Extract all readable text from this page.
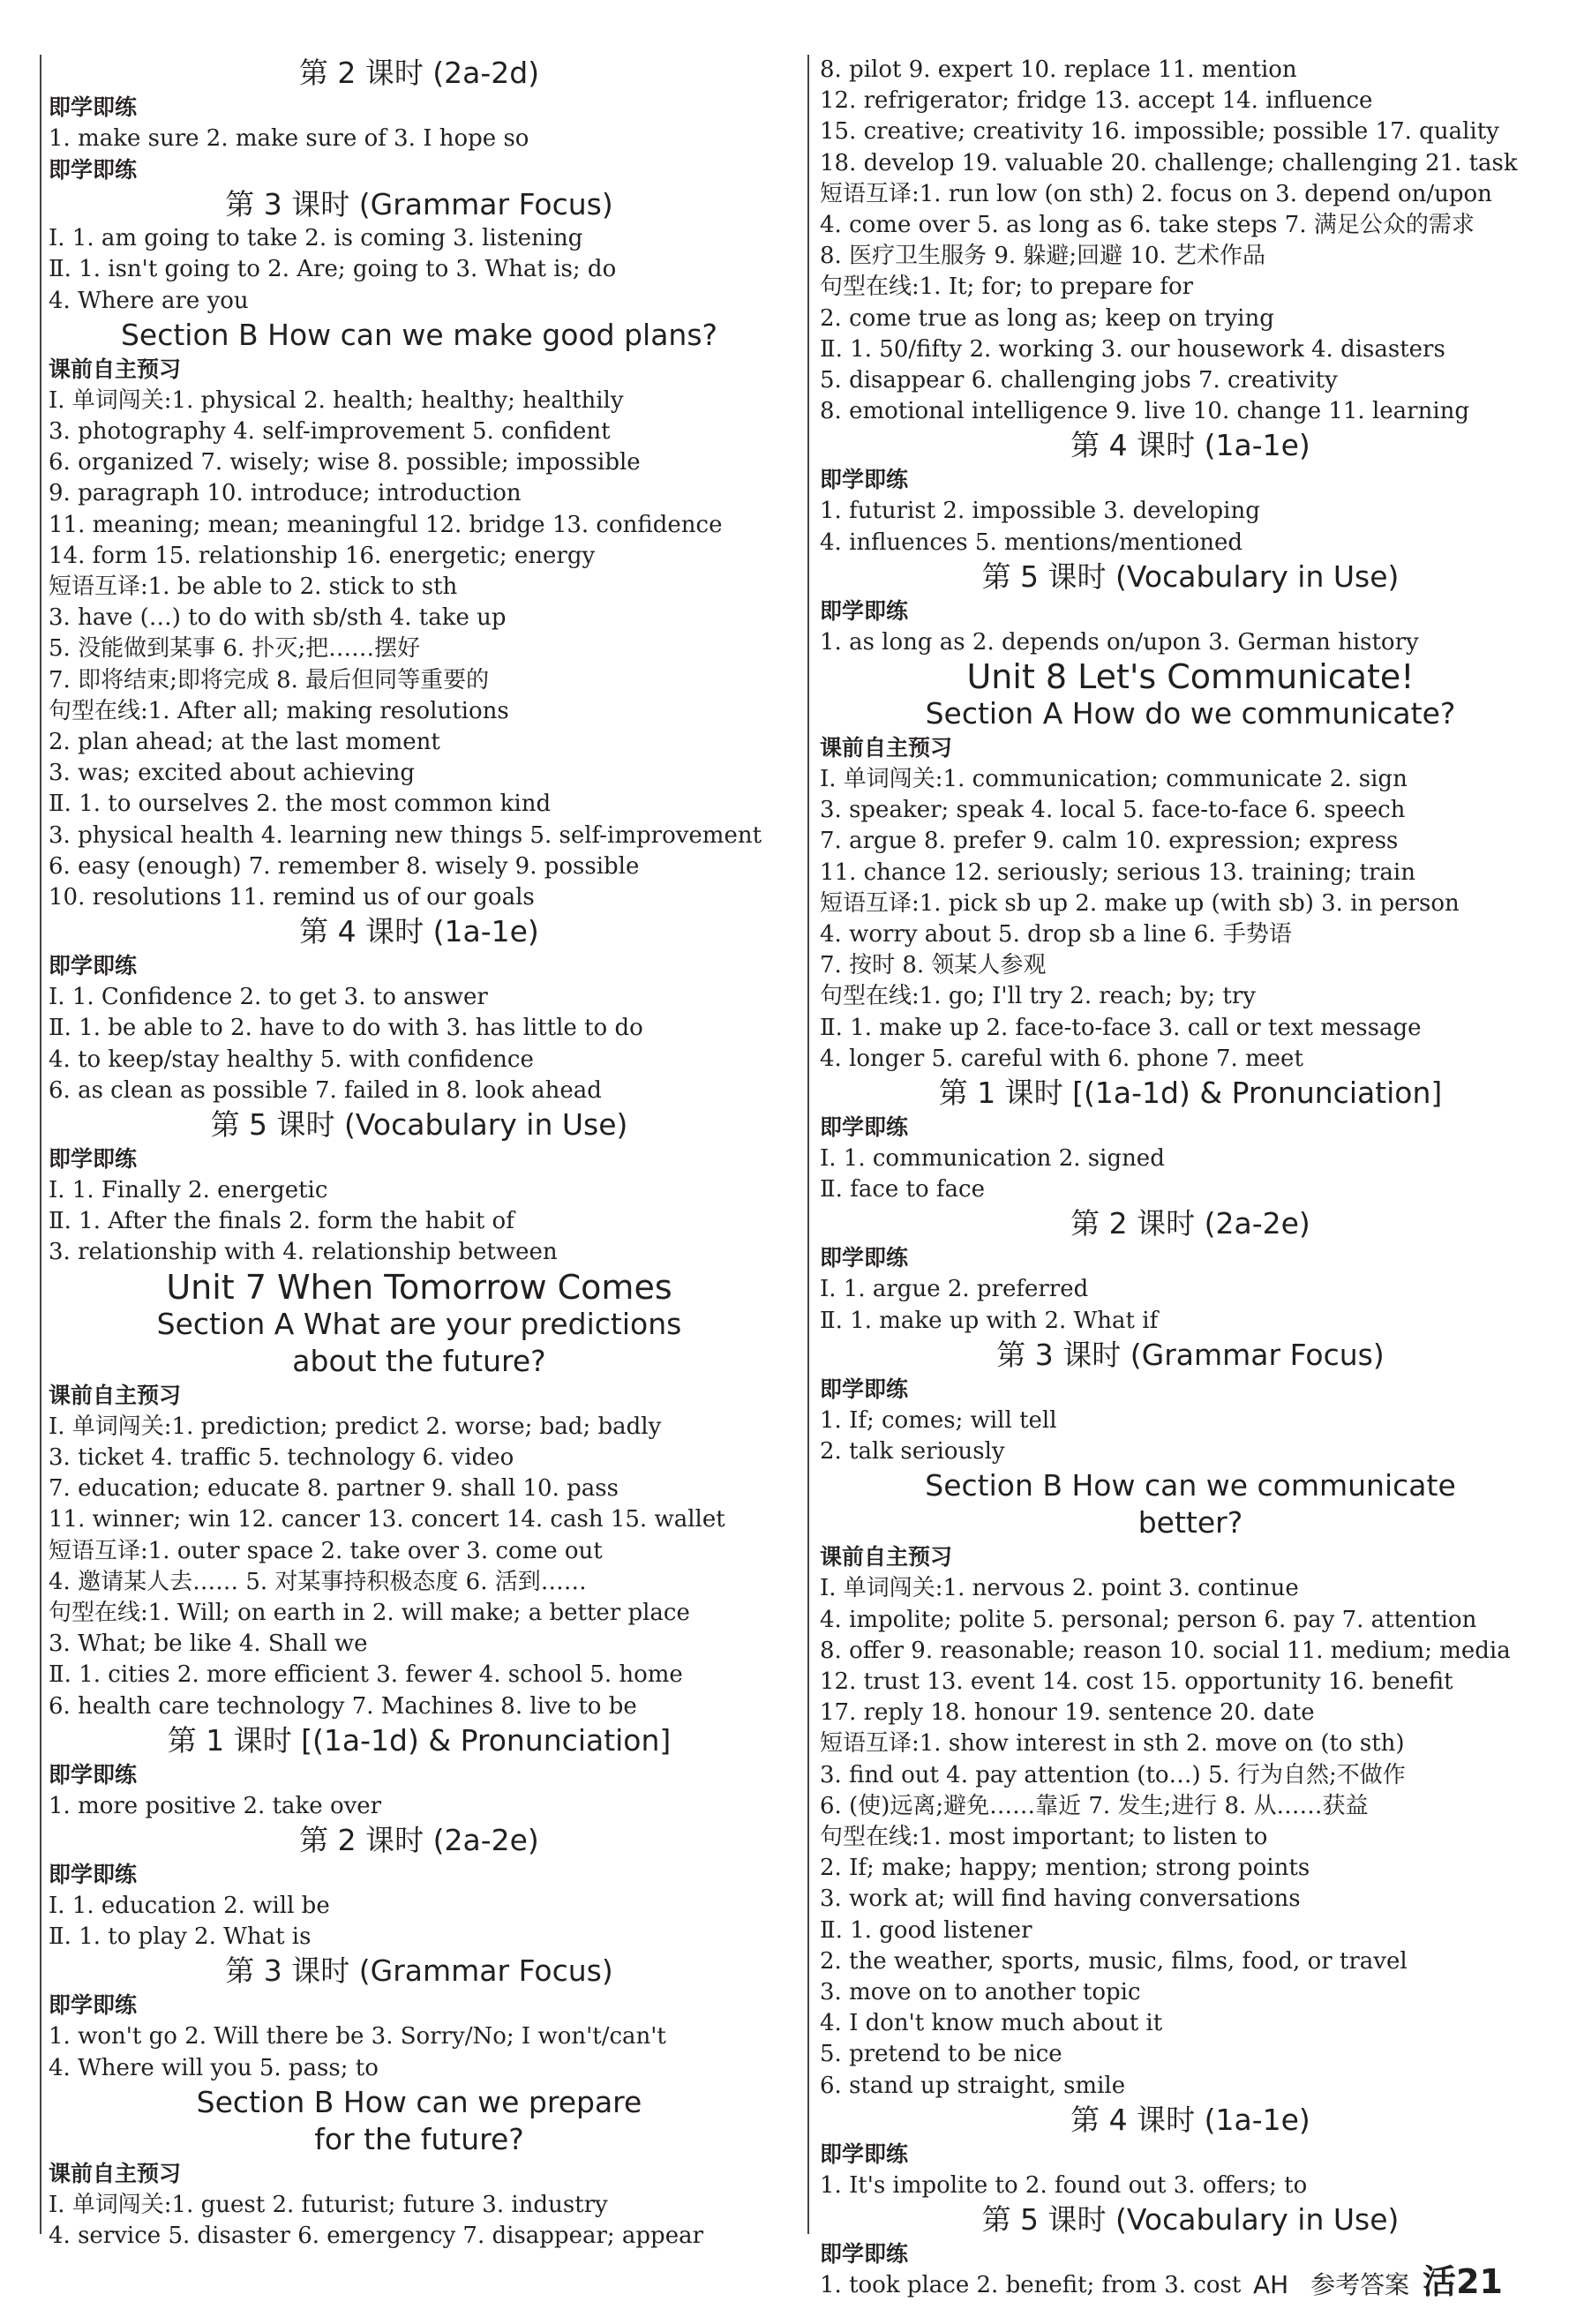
第 2 课时 (2a-2d)
即学即练
1. make sure 2. make sure of 3. I hope so
即学即练
第 3 课时 (Grammar Focus)
Ⅰ. 1. am going to take 2. is coming 3. listening
Ⅱ. 1. isn't going to 2. Are; going to 3. What is; do
4. Where are you
Section B How can we make good plans?
课前自主预习
Ⅰ. 单词闯关:1. physical 2. health; healthy; healthily
3. photography 4. self-improvement 5. confident
6. organized 7. wisely; wise 8. possible; impossible
9. paragraph 10. introduce; introduction
11. meaning; mean; meaningful 12. bridge 13. confidence
14. form 15. relationship 16. energetic; energy
短语互译:1. be able to 2. stick to sth
3. have (…) to do with sb/sth 4. take up
5. 没能做到某事 6. 扑灭;把……摆好
7. 即将结束;即将完成 8. 最后但同等重要的
句型在线:1. After all; making resolutions
2. plan ahead; at the last moment
3. was; excited about achieving
Ⅱ. 1. to ourselves 2. the most common kind
3. physical health 4. learning new things 5. self-improvement
6. easy (enough) 7. remember 8. wisely 9. possible
10. resolutions 11. remind us of our goals
第 4 课时 (1a-1e)
即学即练
Ⅰ. 1. Confidence 2. to get 3. to answer
Ⅱ. 1. be able to 2. have to do with 3. has little to do
4. to keep/stay healthy 5. with confidence
6. as clean as possible 7. failed in 8. look ahead
第 5 课时 (Vocabulary in Use)
即学即练
Ⅰ. 1. Finally 2. energetic
Ⅱ. 1. After the finals 2. form the habit of
3. relationship with 4. relationship between
Unit 7 When Tomorrow Comes
Section A What are your predictions
about the future?
课前自主预习
Ⅰ. 单词闯关:1. prediction; predict 2. worse; bad; badly
3. ticket 4. traffic 5. technology 6. video
7. education; educate 8. partner 9. shall 10. pass
11. winner; win 12. cancer 13. concert 14. cash 15. wallet
短语互译:1. outer space 2. take over 3. come out
4. 邀请某人去…… 5. 对某事持积极态度 6. 活到……
句型在线:1. Will; on earth in 2. will make; a better place
3. What; be like 4. Shall we
Ⅱ. 1. cities 2. more efficient 3. fewer 4. school 5. home
6. health care technology 7. Machines 8. live to be
第 1 课时 [(1a-1d) & Pronunciation]
即学即练
1. more positive 2. take over
第 2 课时 (2a-2e)
即学即练
Ⅰ. 1. education 2. will be
Ⅱ. 1. to play 2. What is
第 3 课时 (Grammar Focus)
即学即练
1. won't go 2. Will there be 3. Sorry/No; I won't/can't
4. Where will you 5. pass; to
Section B How can we prepare
for the future?
课前自主预习
Ⅰ. 单词闯关:1. guest 2. futurist; future 3. industry
4. service 5. disaster 6. emergency 7. disappear; appear
8. pilot 9. expert 10. replace 11. mention
12. refrigerator; fridge 13. accept 14. influence
15. creative; creativity 16. impossible; possible 17. quality
18. develop 19. valuable 20. challenge; challenging 21. task
短语互译:1. run low (on sth) 2. focus on 3. depend on/upon
4. come over 5. as long as 6. take steps 7. 满足公众的需求
8. 医疗卫生服务 9. 躲避;回避 10. 艺术作品
句型在线:1. It; for; to prepare for
2. come true as long as; keep on trying
Ⅱ. 1. 50/fifty 2. working 3. our housework 4. disasters
5. disappear 6. challenging jobs 7. creativity
8. emotional intelligence 9. live 10. change 11. learning
第 4 课时 (1a-1e)
即学即练
1. futurist 2. impossible 3. developing
4. influences 5. mentions/mentioned
第 5 课时 (Vocabulary in Use)
即学即练
1. as long as 2. depends on/upon 3. German history
Unit 8 Let's Communicate!
Section A How do we communicate?
课前自主预习
Ⅰ. 单词闯关:1. communication; communicate 2. sign
3. speaker; speak 4. local 5. face-to-face 6. speech
7. argue 8. prefer 9. calm 10. expression; express
11. chance 12. seriously; serious 13. training; train
短语互译:1. pick sb up 2. make up (with sb) 3. in person
4. worry about 5. drop sb a line 6. 手势语
7. 按时 8. 领某人参观
句型在线:1. go; I'll try 2. reach; by; try
Ⅱ. 1. make up 2. face-to-face 3. call or text message
4. longer 5. careful with 6. phone 7. meet
第 1 课时 [(1a-1d) & Pronunciation]
即学即练
Ⅰ. 1. communication 2. signed
Ⅱ. face to face
第 2 课时 (2a-2e)
即学即练
Ⅰ. 1. argue 2. preferred
Ⅱ. 1. make up with 2. What if
第 3 课时 (Grammar Focus)
即学即练
1. If; comes; will tell
2. talk seriously
Section B How can we communicate
better?
课前自主预习
Ⅰ. 单词闯关:1. nervous 2. point 3. continue
4. impolite; polite 5. personal; person 6. pay 7. attention
8. offer 9. reasonable; reason 10. social 11. medium; media
12. trust 13. event 14. cost 15. opportunity 16. benefit
17. reply 18. honour 19. sentence 20. date
短语互译:1. show interest in sth 2. move on (to sth)
3. find out 4. pay attention (to…) 5. 行为自然;不做作
6. (使)远离;避免……靠近 7. 发生;进行 8. 从……获益
句型在线:1. most important; to listen to
2. If; make; happy; mention; strong points
3. work at; will find having conversations
Ⅱ. 1. good listener
2. the weather, sports, music, films, food, or travel
3. move on to another topic
4. I don't know much about it
5. pretend to be nice
6. stand up straight, smile
第 4 课时 (1a-1e)
即学即练
1. It's impolite to 2. found out 3. offers; to
第 5 课时 (Vocabulary in Use)
即学即练
1. took place 2. benefit; from 3. cost AH 参考答案 活21
